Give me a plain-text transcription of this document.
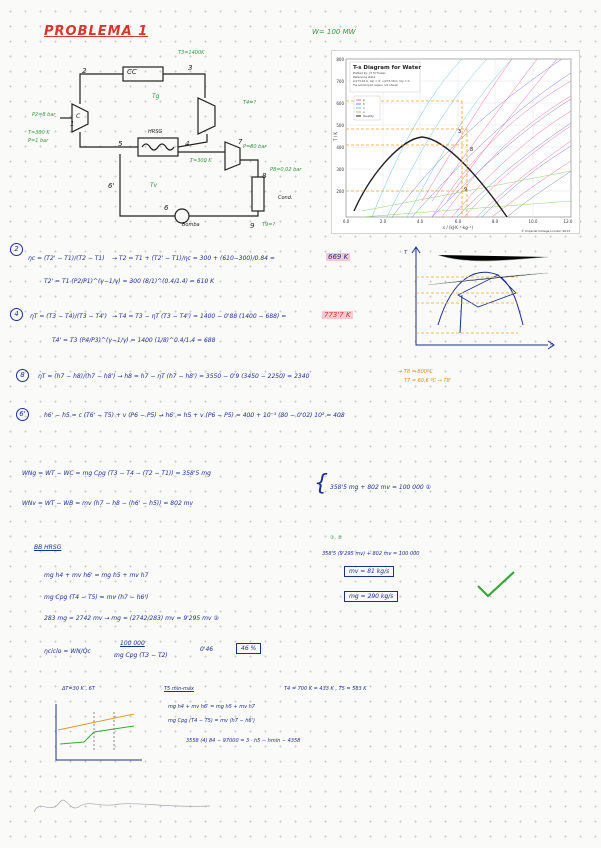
PROBLEMA 1	W= 100 MW
CC
HRSG
Tg
Tv
C
Bomba
Cond.
1
2	3
4
5
6
6'
7
8
9
T=300 K
P=1 bar
P2=8 bar
T3=1400K
T4=?
T9=?
P=80 bar
P8=0,02 bar
T=300 K
800
700
600
500
400
300
200
0.0	2.0	4.0	6.0	8.0	10.0	12.0
s / (kJ·K⁻¹·kg⁻¹)
© Imperial College London 2013
T / K
T-s Diagram for Water
Plotted by: J P M Trusler
Reference state:
s(273.16 K, liq) = 0; u(273.16 K, liq) = 0
Tie solid-liquid region not shown
p
h
v
x
Quality
3
8
9
2
ηc = (T2' − T1)/(T2 − T1) → T2 = T1 + (T2' − T1)/ηc = 300 + (610−300)/0.84 =	669 K
T2' = T1 (P2/P1)^(γ−1/γ) = 300 (8/1)^(0.4/1.4) = 610 K
T
S
4	ηT = (T3 − T4)/(T3 − T4') → T4 = T3 − ηT (T3 − T4') = 1400 − 0'88 (1400 − 688) =	773'7 K
T4' = T3 (P4/P3)^(γ−1/γ) = 1400 (1/8)^0.4/1.4 = 688
8	ηT = (h7 − h8)/(h7 − h8') → h8 = h7 − ηT (h7 − h8') = 3550 − 0'9 (3450 − 2250) = 2340
→ T8 = 800ºC
T7 = 60,6 ºC → T8'
6'	h6' − h5 = c (T6' − T5) + v (P6 − P5) → h6' = h5 + v (P6 − P5) = 400 + 10⁻³ (80 − 0'02) 10² = 408
WNg = WT − WC = mg Cpg (T3 − T4 − (T2 − T1)) = 358'5 mg
WNv = WT − WB = mv (h7 − h8 − (h6' − h5)) = 802 mv
{ 358'5 mg + 802 mv = 100 000 ①
BB HRSG
mg h4 + mv h6' = mg h5 + mv h7
mg Cpg (T4 − T5) = mv (h7 − h6')
283 mg = 2742 mv → mg = (2742/283) mv = 9'295 mv ②
①, ②
358'5 (9'295 mv) + 802 mv = 100 000
mv = 81 kg/s
mg = 290 kg/s
ηciclo = WN/Q̇c
100 000
mg Cpg (T3 − T2)
0'46	46 %
ΔT=30 K , 6T	T5 min-max	T4 = 700 K = 433 K , T5 = 583 K
mg h4 + mv h6' = mg h5 + mv h7
mg Cpg (T4 − T5) = mv (h7 − h6')
3558 (4) 84 − 97000 = 3 · h5 − hmin − 4358
